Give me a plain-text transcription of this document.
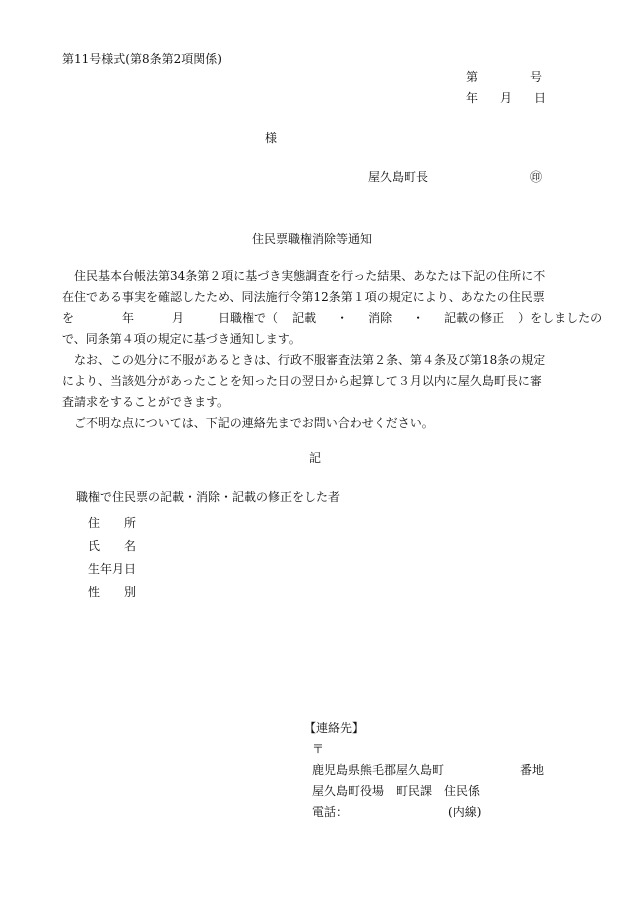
第11号様式(第8条第2項関係)
第	号
年 月 日
様
屋久島町長	㊞
住民票職権消除等通知
住民基本台帳法第34条第２項に基づき実態調査を行った結果、あなたは下記の住所に不
在住である事実を確認したため、同法施行令第12条第１項の規定により、あなたの住民票
を	年	月	日職権で（ 記載 ・ 消除 ・ 記載の修正 ）をしましたの
で、同条第４項の規定に基づき通知します。
なお、この処分に不服があるときは、行政不服審査法第２条、第４条及び第18条の規定
により、当該処分があったことを知った日の翌日から起算して３月以内に屋久島町長に審
査請求をすることができます。
ご不明な点については、下記の連絡先までお問い合わせください。
記
職権で住民票の記載・消除・記載の修正をした者
住　　所
氏　　名
生年月日
性　　別
【連絡先】
〒
鹿児島県熊毛郡屋久島町	番地
屋久島町役場　町民課　住民係
電話：	(内線)
